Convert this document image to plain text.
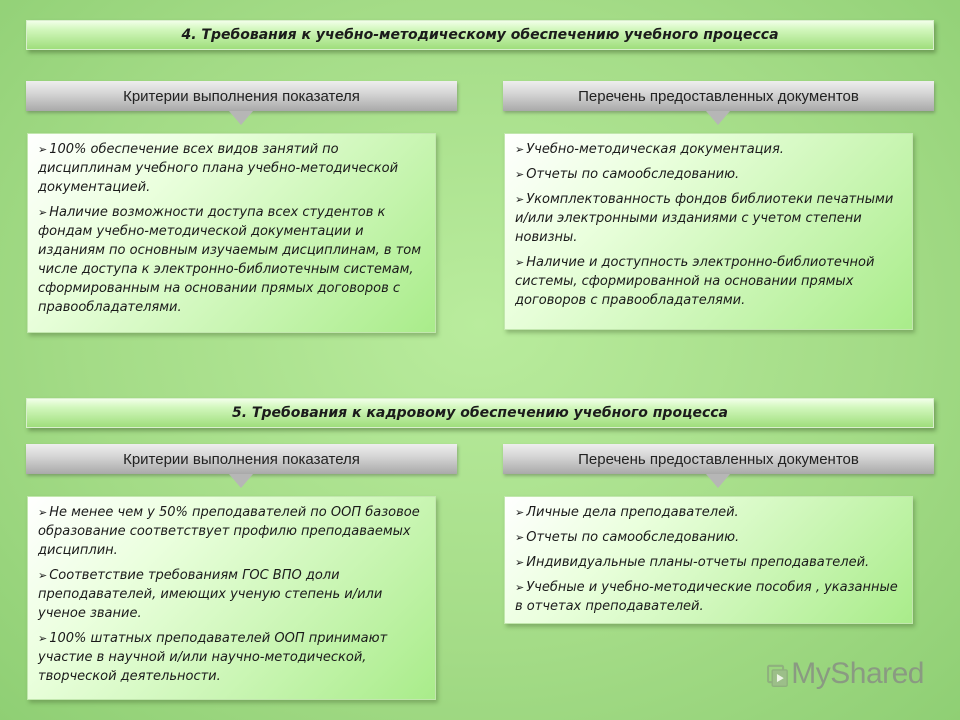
4. Требования к учебно-методическому обеспечению учебного процесса
Критерии выполнения показателя	Перечень предоставленных документов
➢ 100% обеспечение всех видов занятий по дисциплинам учебного плана учебно-методической документацией.
➢ Наличие возможности доступа всех студентов к фондам учебно-методической документации и изданиям по основным изучаемым дисциплинам, в том числе доступа к электронно-библиотечным системам, сформированным на основании прямых договоров с правообладателями.
➢ Учебно-методическая документация.
➢ Отчеты по самообследованию.
➢ Укомплектованность фондов библиотеки печатными и/или электронными изданиями с учетом степени новизны.
➢ Наличие и доступность электронно-библиотечной системы, сформированной на основании прямых договоров с правообладателями.
5. Требования к кадровому обеспечению учебного процесса
Критерии выполнения показателя	Перечень предоставленных документов
➢ Не менее чем у 50% преподавателей по ООП базовое образование соответствует профилю преподаваемых дисциплин.
➢ Соответствие требованиям ГОС ВПО доли преподавателей, имеющих ученую степень и/или ученое звание.
➢ 100% штатных преподавателей ООП принимают участие в научной и/или научно-методической, творческой деятельности.
➢ Личные дела преподавателей.
➢ Отчеты по самообследованию.
➢ Индивидуальные планы-отчеты преподавателей.
➢ Учебные и учебно-методические пособия , указанные в отчетах преподавателей.
MyShared
